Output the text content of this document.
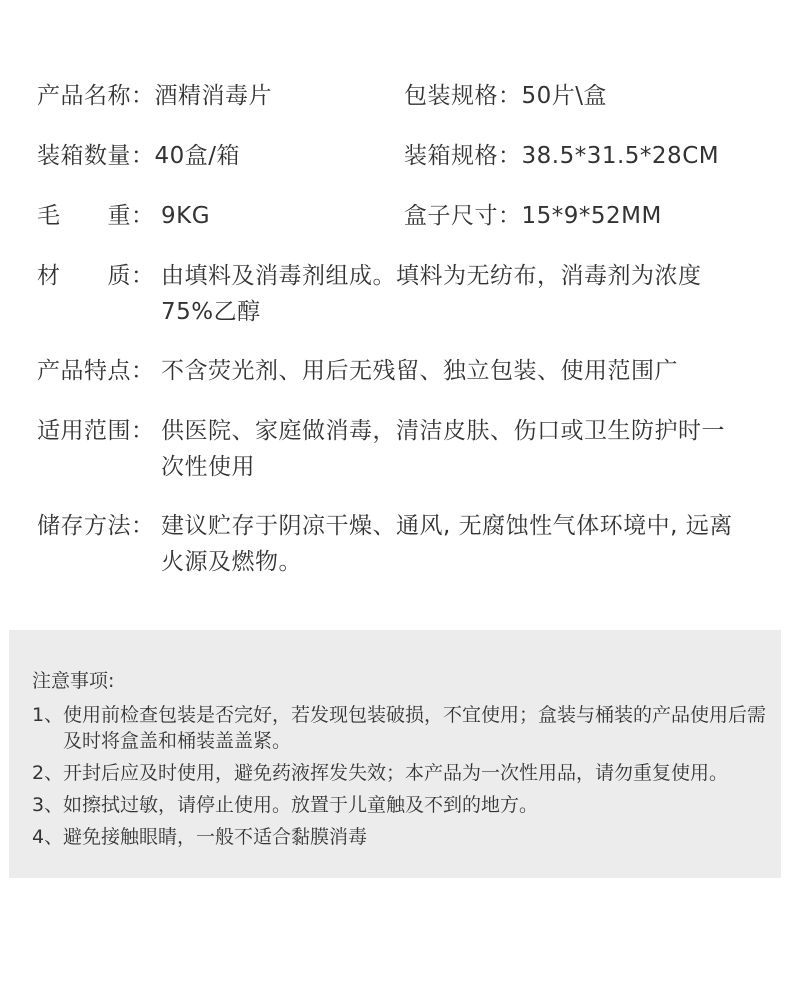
产品名称：酒精消毒片	包装规格：50片\盒
装箱数量：40盒/箱	装箱规格：38.5*31.5*28CM
毛 重： 9KG	盒子尺寸：15*9*52MM
材 质： 由填料及消毒剂组成。填料为无纺布，消毒剂为浓度75%乙醇
产品特点： 不含荧光剂、用后无残留、独立包装、使用范围广
适用范围： 供医院、家庭做消毒，清洁皮肤、伤口或卫生防护时一次性使用
储存方法： 建议贮存于阴凉干燥、通风, 无腐蚀性气体环境中, 远离火源及燃物。
注意事项:
1、 使用前检查包装是否完好，若发现包装破损，不宜使用；盒装与桶装的产品使用后需及时将盒盖和桶装盖盖紧。
2、 开封后应及时使用，避免药液挥发失效；本产品为一次性用品，请勿重复使用。
3、 如擦拭过敏，请停止使用。放置于儿童触及不到的地方。
4、 避免接触眼睛，一般不适合黏膜消毒
